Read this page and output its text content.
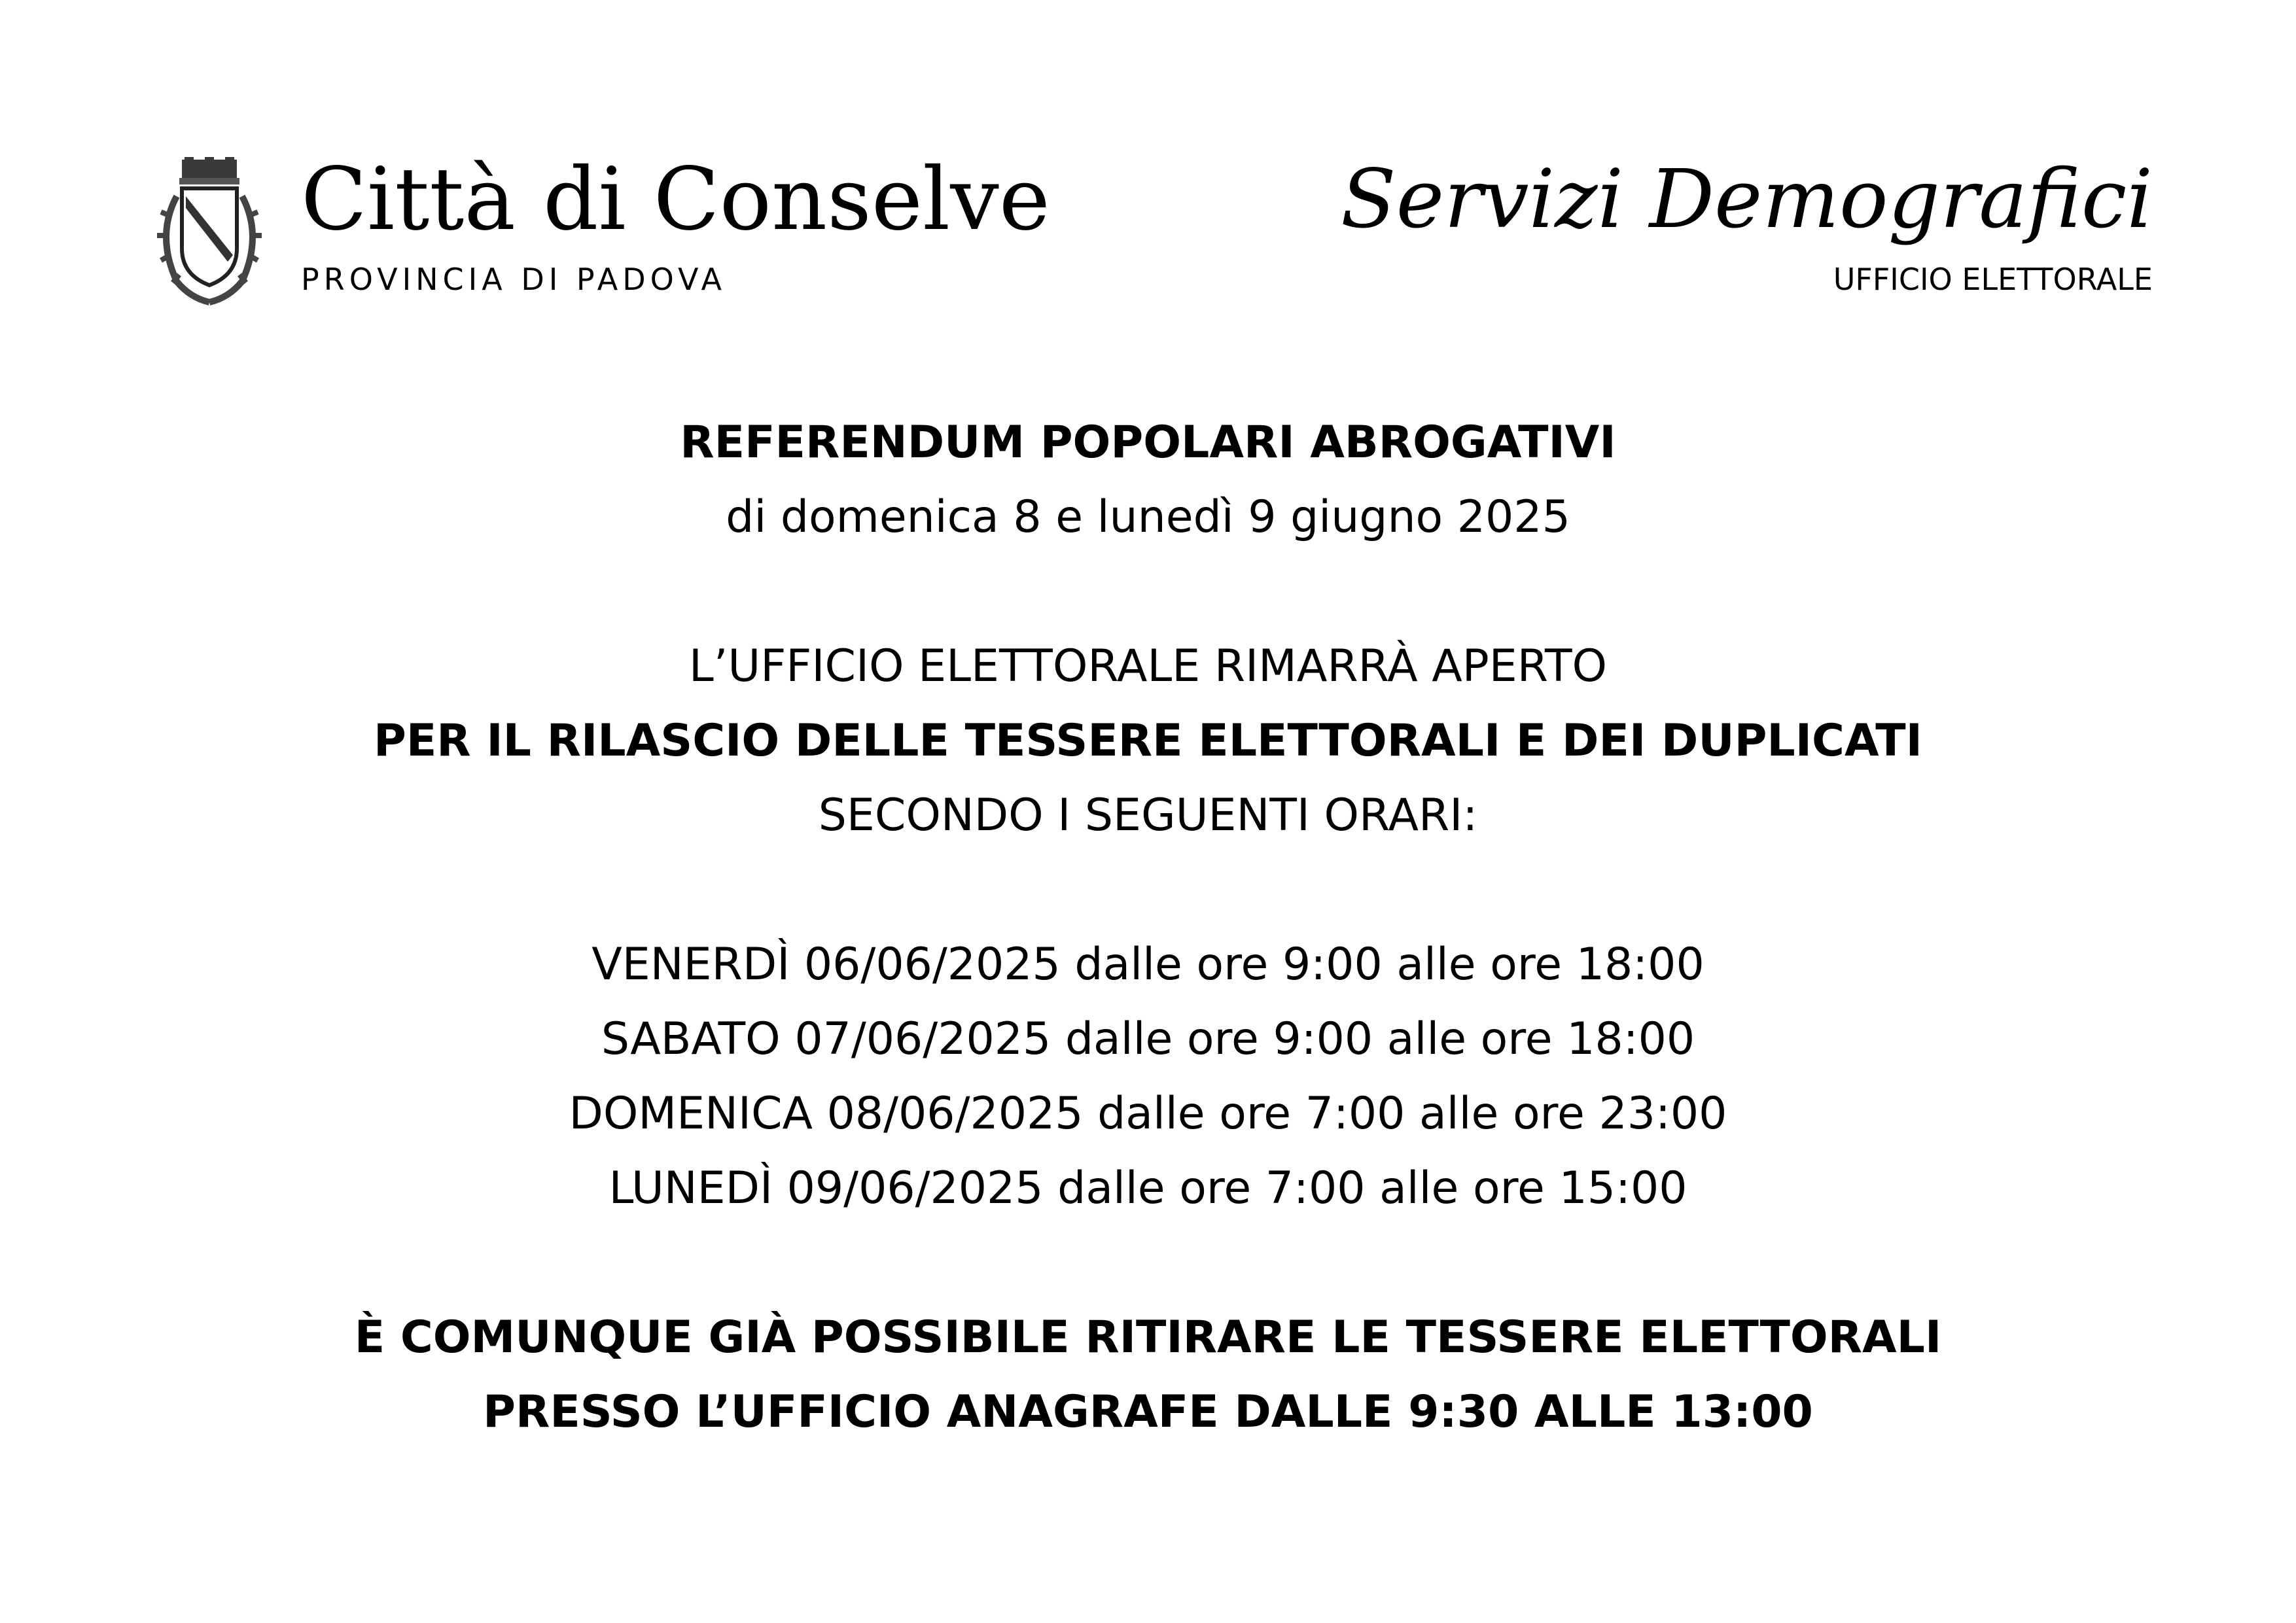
Città di Conselve
PROVINCIA DI PADOVA
Servizi Demografici
UFFICIO ELETTORALE
REFERENDUM POPOLARI ABROGATIVI
di domenica 8 e lunedì 9 giugno 2025
L’UFFICIO ELETTORALE RIMARRÀ APERTO
PER IL RILASCIO DELLE TESSERE ELETTORALI E DEI DUPLICATI
SECONDO I SEGUENTI ORARI:
VENERDÌ 06/06/2025 dalle ore 9:00 alle ore 18:00
SABATO 07/06/2025 dalle ore 9:00 alle ore 18:00
DOMENICA 08/06/2025 dalle ore 7:00 alle ore 23:00
LUNEDÌ 09/06/2025 dalle ore 7:00 alle ore 15:00
È COMUNQUE GIÀ POSSIBILE RITIRARE LE TESSERE ELETTORALI
PRESSO L’UFFICIO ANAGRAFE DALLE 9:30 ALLE 13:00
